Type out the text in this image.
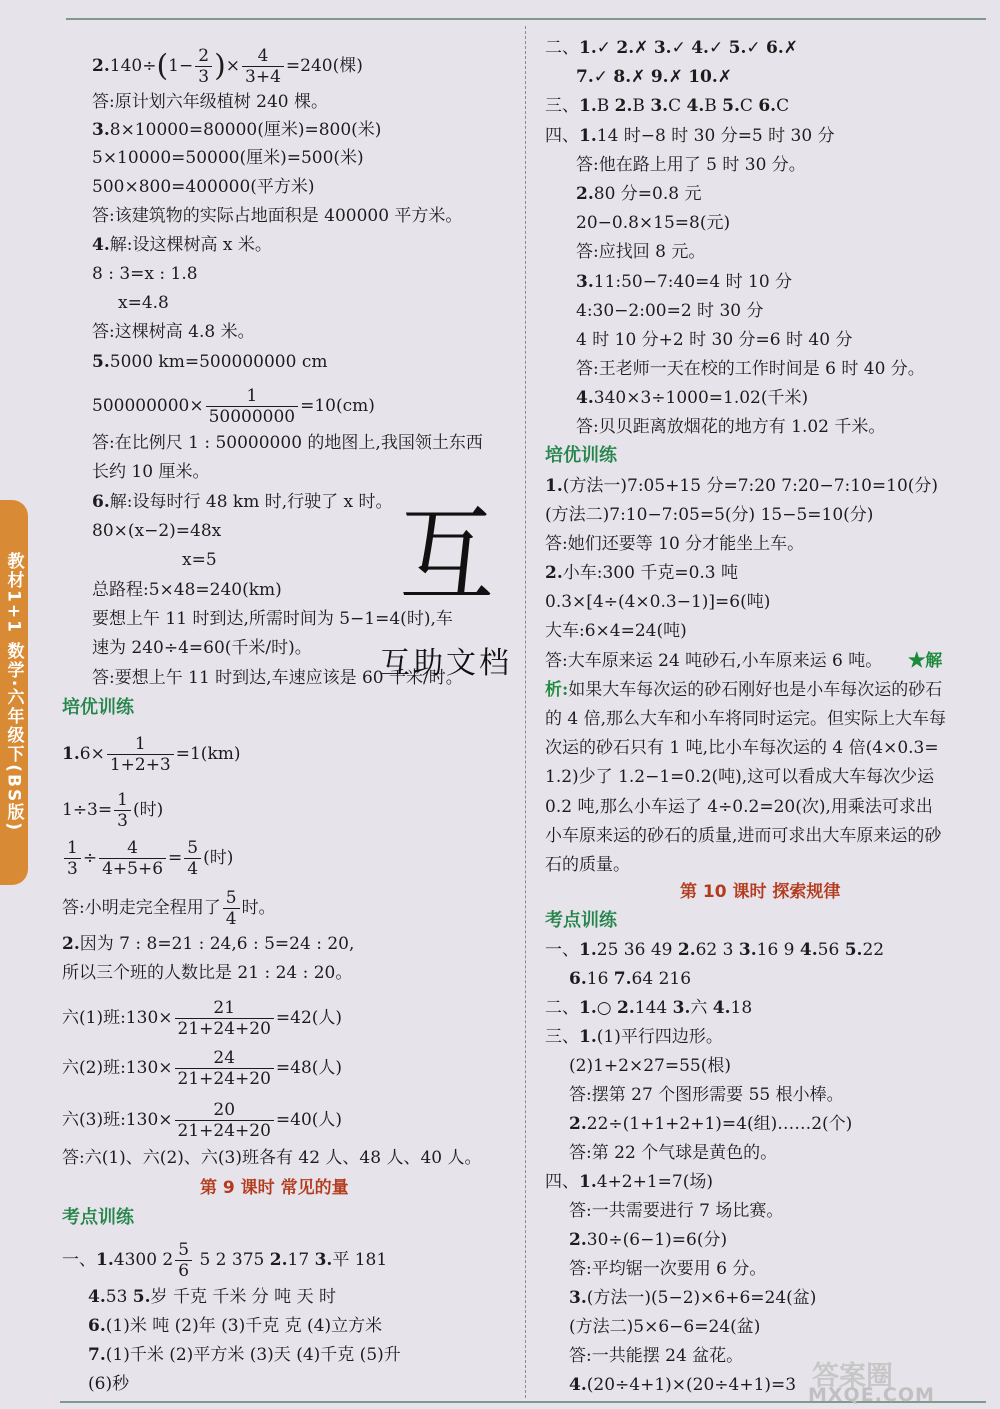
教材1+1 数学·六年级下(BS版)
$2.140\div(1- \frac{2}{3}$ )× $\frac{4}{3+4} =240$(棵)
答:原计划六年级植树 240 棵。
3.8×10000=80000(厘米)=800(米)
5×10000=50000(厘米)=500(米)
500×800=400000(平方米)
答:该建筑物的实际占地面积是 400000 平方米。
4.解:设这棵树高 x 米。
8 : 3=x : 1.8
x=4.8
答:这棵树高 4.8 米。
5.5000 km=500000000 cm
$500000000\times \frac{1}{50000000} =10(cm)$
答:在比例尺 1 : 50000000 的地图上,我国领土东西
长约 10 厘米。
6.解:设每时行 48 km 时,行驶了 x 时。
80×(x−2)=48x
x=5
总路程:5×48=240(km)
要想上午 11 时到达,所需时间为 5−1=4(时),车
速为 240÷4=60(千米/时)。
答:要想上午 11 时到达,车速应该是 60 千米/时。
培优训练
$1.6\times \frac{1}{1+2+3} =1(km)$
$1\div 3= \frac{1}{3}$ (时)
$\frac{1}{3} \div \frac{4}{4+5+6} = \frac{5}{4}$ (时)
答:小明走完全程用了 $\frac{5}{4}$ 时。
2.因为 7 : 8=21 : 24,6 : 5=24 : 20,
所以三个班的人数比是 21 : 24 : 20。
六(1)班:130× $\frac{21}{21+24+20} =42$(人)
六(2)班:130× $\frac{24}{21+24+20} =48$(人)
六(3)班:130× $\frac{20}{21+24+20} =40$(人)
答:六(1)、六(2)、六(3)班各有 42 人、48 人、40 人。
第 9 课时 常见的量
考点训练
一、1.4300 $2 \frac{5}{6} 5$ 2 375 2.17 3.平 181
4.53 5.岁 千克 千米 分 吨 天 时
6.(1)米 吨 (2)年 (3)千克 克 (4)立方米
7.(1)千米 (2)平方米 (3)天 (4)千克 (5)升
(6)秒
二、1.✓ 2.✗ 3.✓ 4.✓ 5.✓ 6.✗
7.✓ 8.✗ 9.✗ 10.✗
三、1.B 2.B 3.C 4.B 5.C 6.C
四、1.14 时−8 时 30 分=5 时 30 分
答:他在路上用了 5 时 30 分。
2.80 分=0.8 元
20−0.8×15=8(元)
答:应找回 8 元。
3.11:50−7:40=4 时 10 分
4:30−2:00=2 时 30 分
4 时 10 分+2 时 30 分=6 时 40 分
答:王老师一天在校的工作时间是 6 时 40 分。
4.340×3÷1000=1.02(千米)
答:贝贝距离放烟花的地方有 1.02 千米。
培优训练
1.(方法一)7:05+15 分=7:20 7:20−7:10=10(分)
(方法二)7:10−7:05=5(分) 15−5=10(分)
答:她们还要等 10 分才能坐上车。
2.小车:300 千克=0.3 吨
0.3×[4÷(4×0.3−1)]=6(吨)
大车:6×4=24(吨)
答:大车原来运 24 吨砂石,小车原来运 6 吨。 ★解
析:如果大车每次运的砂石刚好也是小车每次运的砂石
的 4 倍,那么大车和小车将同时运完。但实际上大车每
次运的砂石只有 1 吨,比小车每次运的 4 倍(4×0.3=
1.2)少了 1.2−1=0.2(吨),这可以看成大车每次少运
0.2 吨,那么小车运了 4÷0.2=20(次),用乘法可求出
小车原来运的砂石的质量,进而可求出大车原来运的砂
石的质量。
第 10 课时 探索规律
考点训练
一、1.25 36 49 2.62 3 3.16 9 4.56 5.22
6.16 7.64 216
二、1.○ 2.144 3.六 4.18
三、1.(1)平行四边形。
(2)1+2×27=55(根)
答:摆第 27 个图形需要 55 根小棒。
2.22÷(1+1+2+1)=4(组)……2(个)
答:第 22 个气球是黄色的。
四、1.4+2+1=7(场)
答:一共需要进行 7 场比赛。
2.30÷(6−1)=6(分)
答:平均锯一次要用 6 分。
3.(方法一)(5−2)×6+6=24(盆)
(方法二)5×6−6=24(盆)
答:一共能摆 24 盆花。
4.(20÷4+1)×(20÷4+1)=3
互
互助文档
答案圈
MXQE.COM
